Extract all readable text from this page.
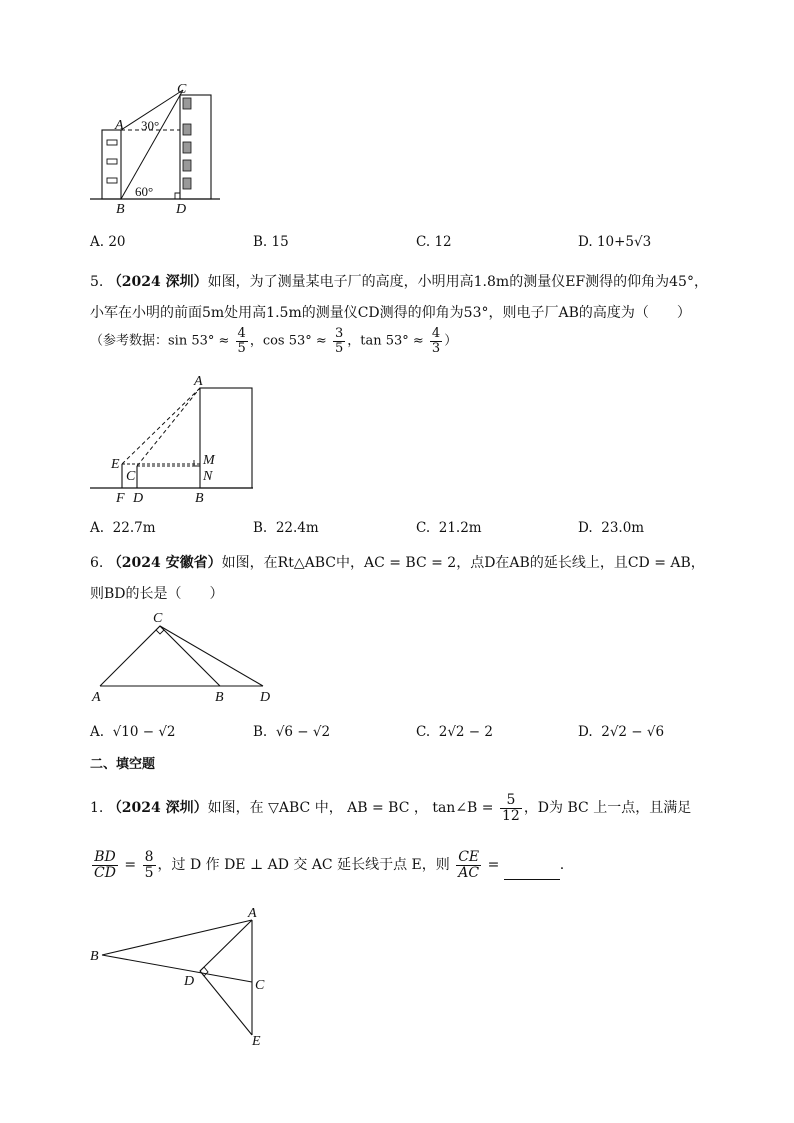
C
A 30°
60°
B	D
A. 20	B. 15	C. 12	D. 10+5√3
5. （2024 深圳）如图，为了测量某电子厂的高度，小明用高1.8m的测量仪EF测得的仰角为45°，
小军在小明的前面5m处用高1.5m的测量仪CD测得的仰角为53°，则电子厂AB的高度为（　　）
（参考数据：$\sin 53^\circ \approx \frac{4}{5}$ ，$\cos 53^\circ \approx \frac{3}{5}$ ，$\tan 53^\circ \approx \frac{4}{3}$ ）
A
E
C
M
N
F D	B
A. 22.7m	B. 22.4m	C. 21.2m	D. 23.0m
6. （2024 安徽省）如图，在Rt△ABC中，AC = BC = 2，点D在AB的延长线上，且CD = AB，
则BD的长是（　　）
C
A	B	D
A. √10 − √2	B. √6 − √2	C. 2√2 − 2	D. 2√2 − √6
二、填空题
1. （2024 深圳）如图，在 ▽ABC 中， AB = BC ， tan∠B = $\frac{5}{12}$ ，D为 BC 上一点，且满足
$\frac{BD}{CD} = \frac{8}{5}$ ，过 D 作 DE ⊥ AD 交 AC 延长线于点 E，则 $\frac{CE}{AC}$ =	.
A
B
D	C
E
